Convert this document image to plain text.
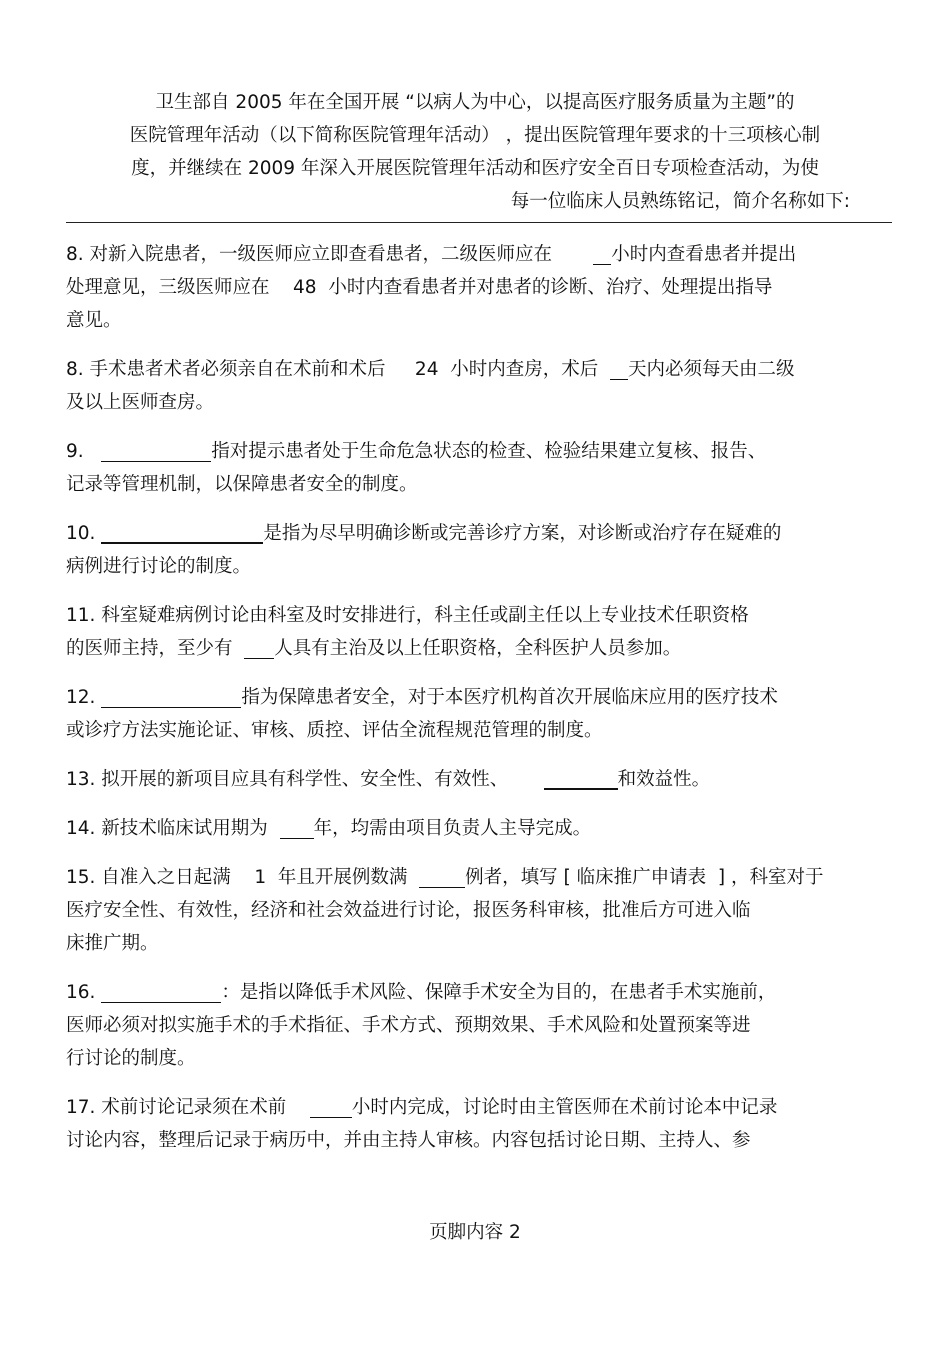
卫生部自 2005 年在全国开展 “以病人为中心，以提高医疗服务质量为主题”的
医院管理年活动（以下简称医院管理年活动） ，提出医院管理年要求的十三项核心制
度，并继续在 2009 年深入开展医院管理年活动和医疗安全百日专项检查活动，为使
每一位临床人员熟练铭记，简介名称如下:
8. 对新入院患者，一级医师应立即查看患者，二级医师应在       小时内查看患者并提出
处理意见，三级医师应在    48  小时内查看患者并对患者的诊断、治疗、处理提出指导
意见。
8. 手术患者术者必须亲自在术前和术后     24  小时内查房，术后  天内必须每天由二级
及以上医师查房。
9.	指对提示患者处于生命危急状态的检查、检验结果建立复核、报告、
记录等管理机制，以保障患者安全的制度。
10.	是指为尽早明确诊断或完善诊疗方案，对诊断或治疗存在疑难的
病例进行讨论的制度。
11. 科室疑难病例讨论由科室及时安排进行，科主任或副主任以上专业技术任职资格
的医师主持，至少有  人具有主治及以上任职资格，全科医护人员参加。
12.	指为保障患者安全，对于本医疗机构首次开展临床应用的医疗技术
或诊疗方法实施论证、审核、质控、评估全流程规范管理的制度。
13. 拟开展的新项目应具有科学性、安全性、有效性、	和效益性。
14. 新技术临床试用期为  年，均需由项目负责人主导完成。
15. 自准入之日起满    1  年且开展例数满  例者，填写 [ 临床推广申请表  ] ，科室对于
医疗安全性、有效性，经济和社会效益进行讨论，报医务科审核，批准后方可进入临
床推广期。
16.	：是指以降低手术风险、保障手术安全为目的，在患者手术实施前，
医师必须对拟实施手术的手术指征、手术方式、预期效果、手术风险和处置预案等进
行讨论的制度。
17. 术前讨论记录须在术前    小时内完成，讨论时由主管医师在术前讨论本中记录
讨论内容，整理后记录于病历中，并由主持人审核。内容包括讨论日期、主持人、参
页脚内容 2
